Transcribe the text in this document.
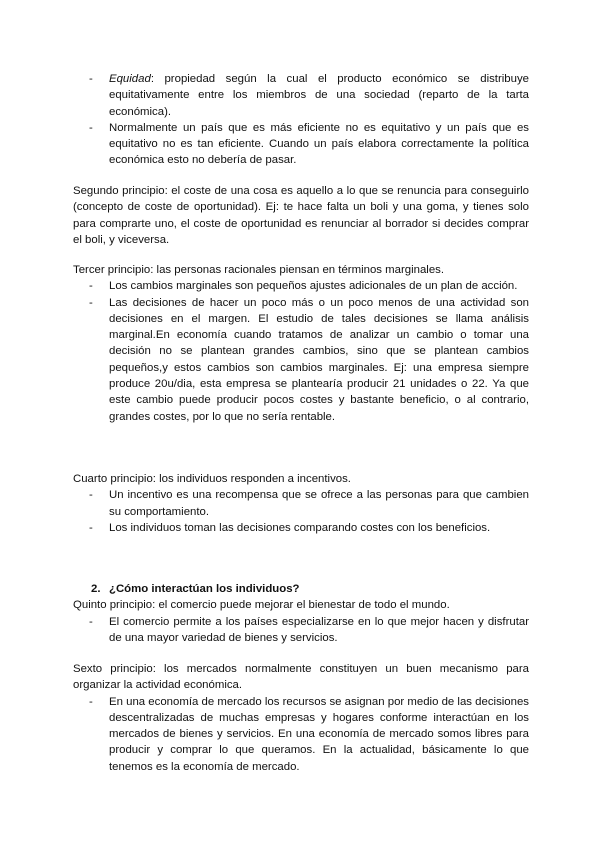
- Equidad: propiedad según la cual el producto económico se distribuye equitativamente entre los miembros de una sociedad (reparto de la tarta económica).
- Normalmente un país que es más eficiente no es equitativo y un país que es equitativo no es tan eficiente. Cuando un país elabora correctamente la política económica esto no debería de pasar.

Segundo principio: el coste de una cosa es aquello a lo que se renuncia para conseguirlo (concepto de coste de oportunidad). Ej: te hace falta un boli y una goma, y tienes solo para comprarte uno, el coste de oportunidad es renunciar al borrador si decides comprar el boli, y viceversa.

Tercer principio: las personas racionales piensan en términos marginales.

- Los cambios marginales son pequeños ajustes adicionales de un plan de acción.
- Las decisiones de hacer un poco más o un poco menos de una actividad son decisiones en el margen. El estudio de tales decisiones se llama análisis marginal.En economía cuando tratamos de analizar un cambio o tomar una decisión no se plantean grandes cambios, sino que se plantean cambios pequeños,y estos cambios son cambios marginales. Ej: una empresa siempre produce 20u/dia, esta empresa se plantearía producir 21 unidades o 22. Ya que este cambio puede producir pocos costes y bastante beneficio, o al contrario, grandes costes, por lo que no sería rentable.

Cuarto principio: los individuos responden a incentivos.

- Un incentivo es una recompensa que se ofrece a las personas para que cambien su comportamiento.
- Los individuos toman las decisiones comparando costes con los beneficios.

2. ¿Cómo interactúan los individuos?

Quinto principio: el comercio puede mejorar el bienestar de todo el mundo.

- El comercio permite a los países especializarse en lo que mejor hacen y disfrutar de una mayor variedad de bienes y servicios.

Sexto principio: los mercados normalmente constituyen un buen mecanismo para organizar la actividad económica.

- En una economía de mercado los recursos se asignan por medio de las decisiones descentralizadas de muchas empresas y hogares conforme interactúan en los mercados de bienes y servicios. En una economía de mercado somos libres para producir y comprar lo que queramos. En la actualidad, básicamente lo que tenemos es la economía de mercado.
